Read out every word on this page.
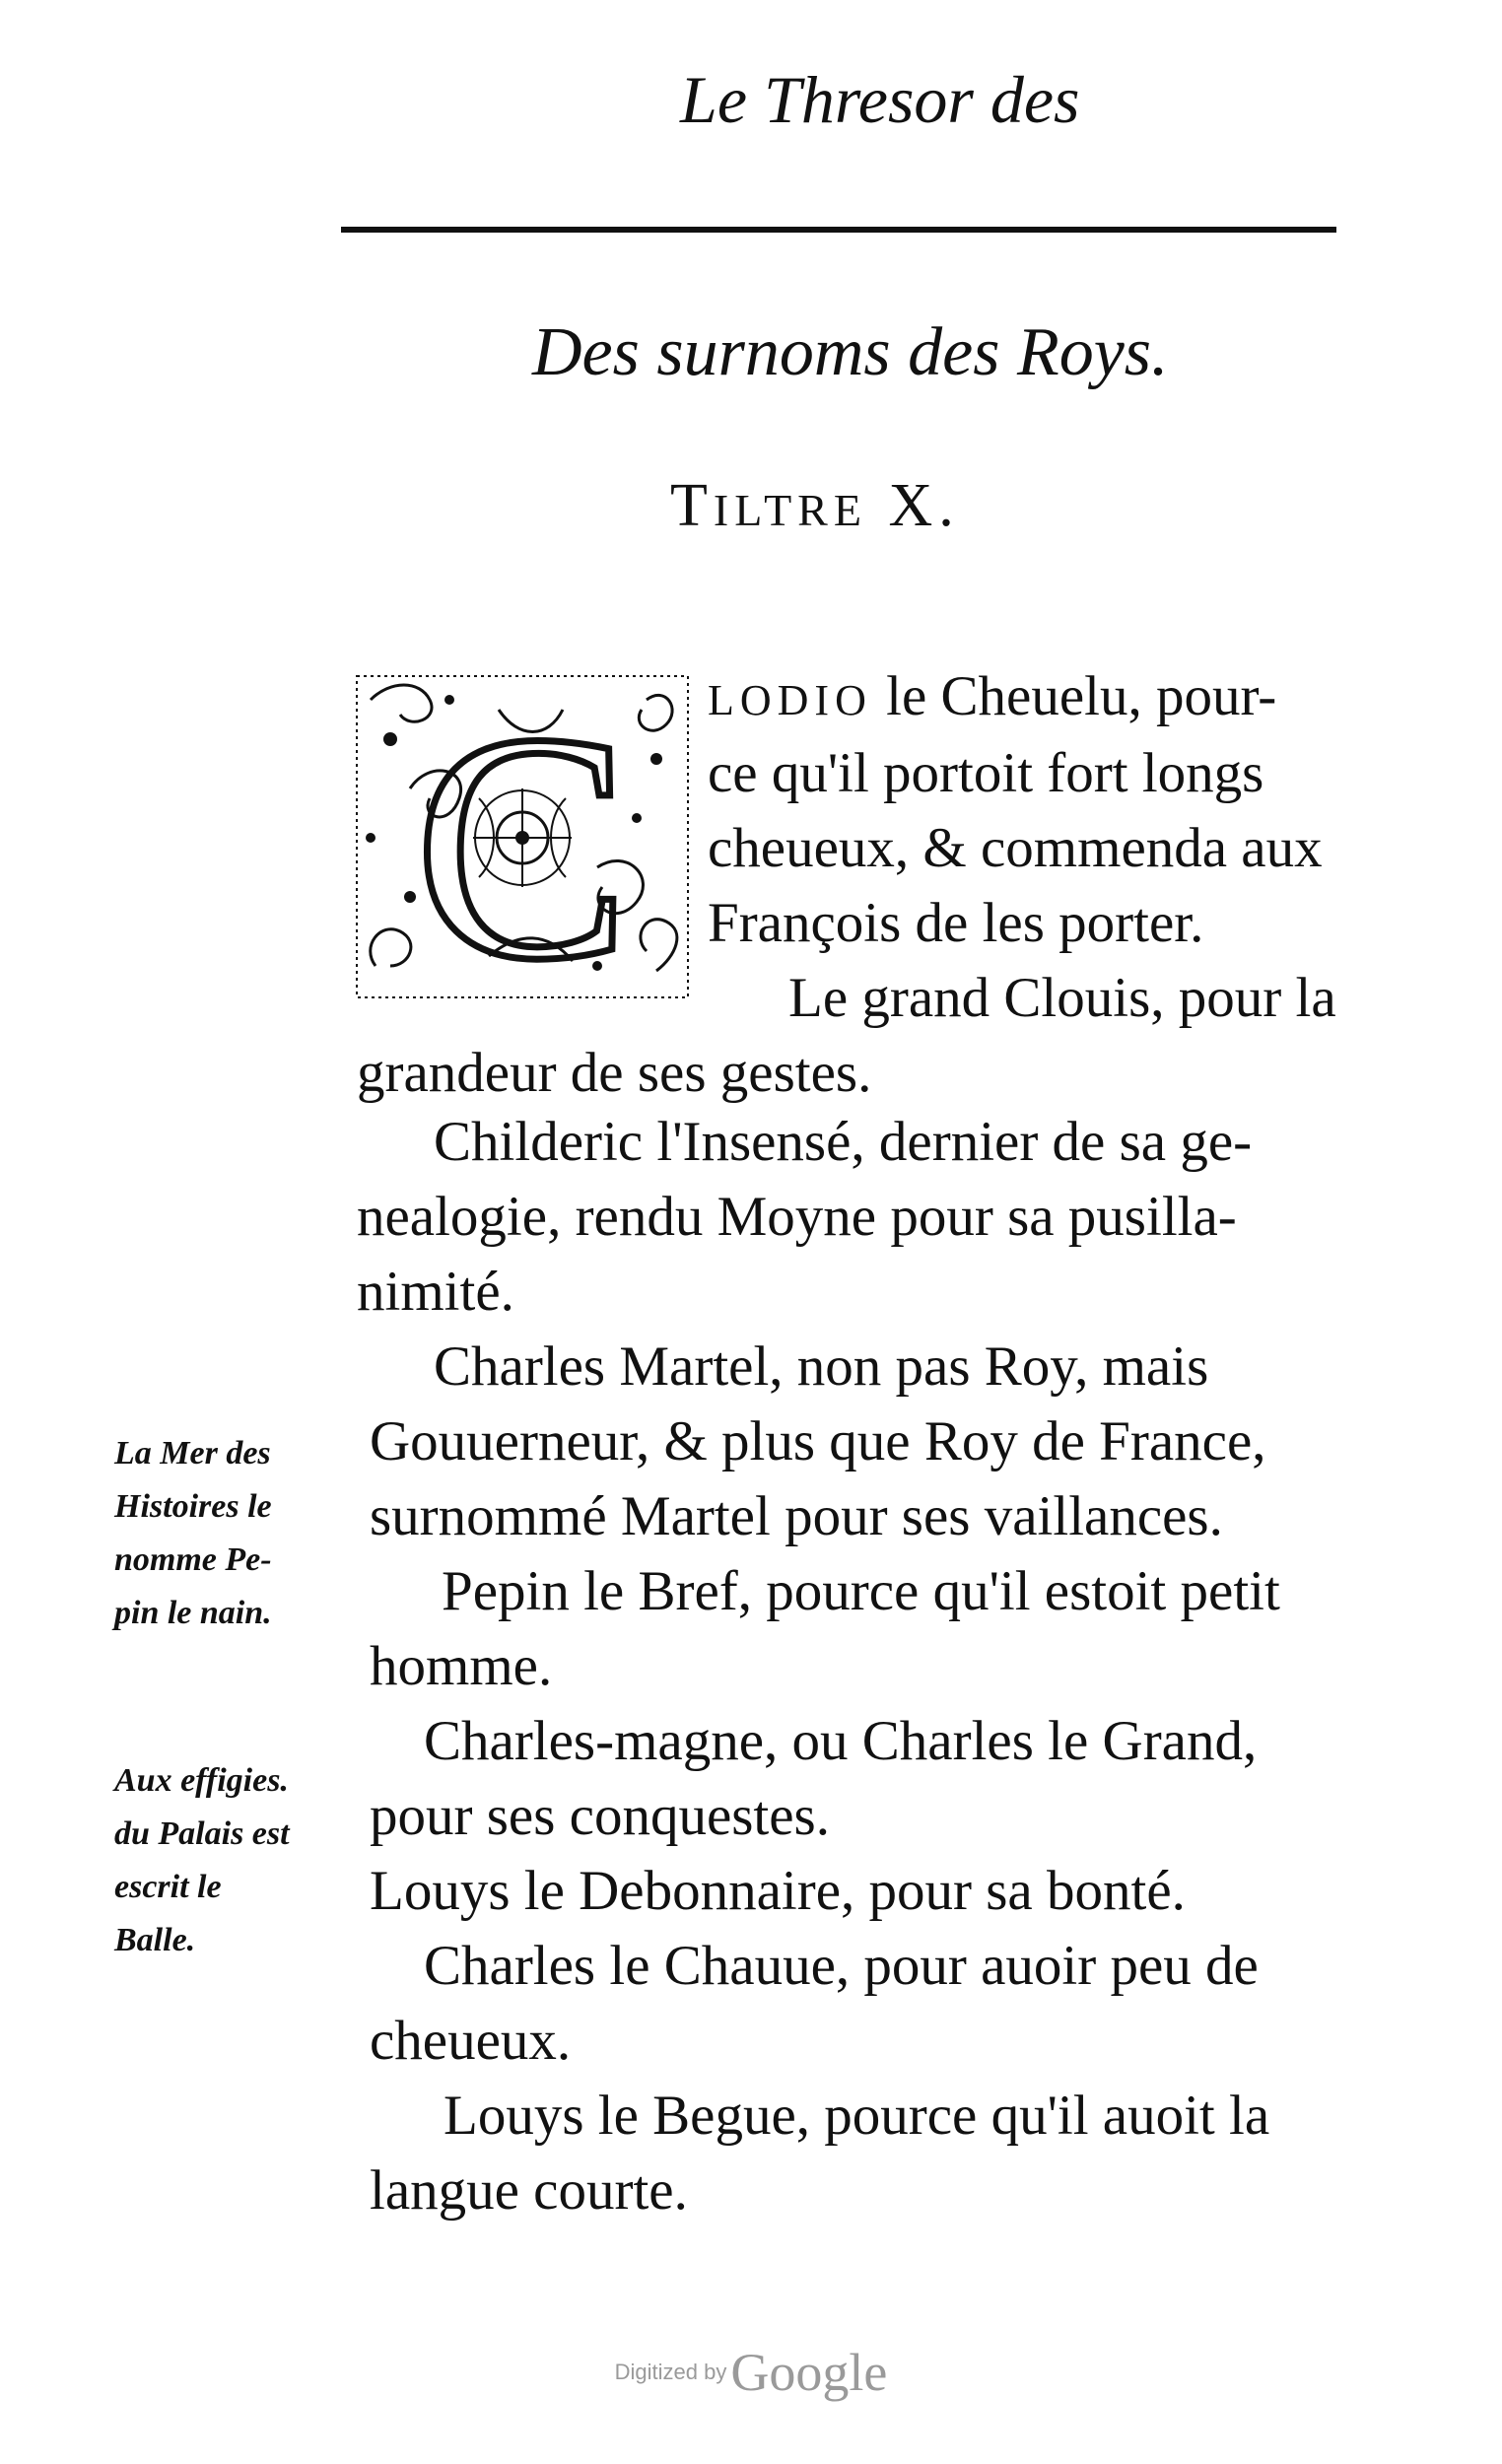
Le Thresor des
Des surnoms des Roys.
TILTRE X.
C LODIO le Cheuelu, pour-
ce qu'il portoit fort longs
cheueux, & commenda aux
François de les porter.
Le grand Clouis, pour la
grandeur de ses gestes.
Childeric l'Insensé, dernier de sa ge-
nealogie, rendu Moyne pour sa pusilla-
nimité.
Charles Martel, non pas Roy, mais
Gouuerneur, & plus que Roy de France,
surnommé Martel pour ses vaillances.
Pepin le Bref, pource qu'il estoit petit
homme.
Charles-magne, ou Charles le Grand,
pour ses conquestes.
Louys le Debonnaire, pour sa bonté.
Charles le Chauue, pour auoir peu de
cheueux.
Louys le Begue, pource qu'il auoit la
langue courte.
La Mer des
Histoires le
nomme Pe-
pin le nain.
Aux effigies.
du Palais est
escrit le
Balle.
Digitized by Google
